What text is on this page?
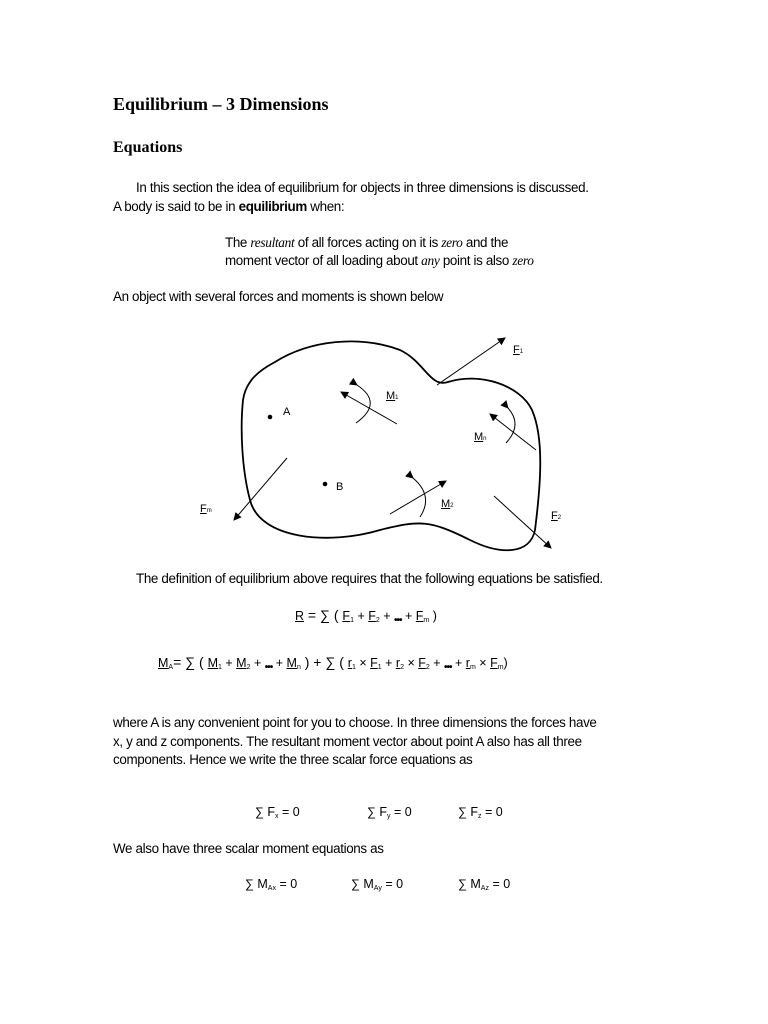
Equilibrium – 3 Dimensions
Equations
In this section the idea of equilibrium for objects in three dimensions is discussed.
A body is said to be in equilibrium when:
The resultant of all forces acting on it is zero and the
moment vector of all loading about any point is also zero
An object with several forces and moments is shown below
A
B
F1
M1
Mn
M2
Fm	F2
The definition of equilibrium above requires that the following equations be satisfied.
R = ∑ ( $F_1 + F_2 + _{•••} + F_m$ )
$M_A=$ ∑ ( $M_1 + M_2 + _{•••} + M_n$ ) + ∑ ( $r_1 \times F_1 + r_2 \times F_2 + _{•••} + r_m \times F_m$)
where A is any convenient point for you to choose. In three dimensions the forces have
x, y and z components. The resultant moment vector about point A also has all three
components. Hence we write the three scalar force equations as
∑ $F_x = 0$	∑ $F_y = 0$	∑ $F_z = 0$
We also have three scalar moment equations as
∑ $M_{Ax} = 0$	∑ $M_{Ay} = 0$	∑ $M_{Az} = 0$
